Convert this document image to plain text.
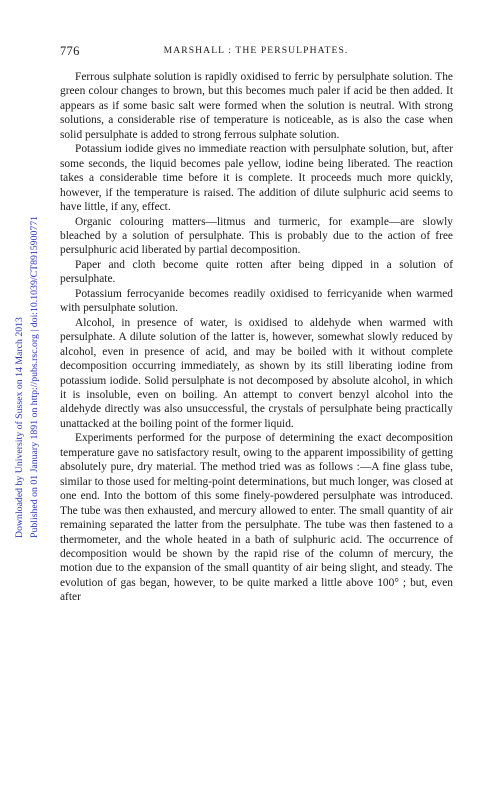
Downloaded by University of Sussex on 14 March 2013 Published on 01 January 1891 on http://pubs.rsc.org | doi:10.1039/CT8915900771
776	MARSHALL : THE PERSULPHATES.

Ferrous sulphate solution is rapidly oxidised to ferric by persulphate solution. The green colour changes to brown, but this becomes much paler if acid be then added. It appears as if some basic salt were formed when the solution is neutral. With strong solutions, a considerable rise of temperature is noticeable, as is also the case when solid persulphate is added to strong ferrous sulphate solution.

Potassium iodide gives no immediate reaction with persulphate solution, but, after some seconds, the liquid becomes pale yellow, iodine being liberated. The reaction takes a considerable time before it is complete. It proceeds much more quickly, however, if the temperature is raised. The addition of dilute sulphuric acid seems to have little, if any, effect.

Organic colouring matters—litmus and turmeric, for example—are slowly bleached by a solution of persulphate. This is probably due to the action of free persulphuric acid liberated by partial decomposition.

Paper and cloth become quite rotten after being dipped in a solution of persulphate.

Potassium ferrocyanide becomes readily oxidised to ferricyanide when warmed with persulphate solution.

Alcohol, in presence of water, is oxidised to aldehyde when warmed with persulphate. A dilute solution of the latter is, however, somewhat slowly reduced by alcohol, even in presence of acid, and may be boiled with it without complete decomposition occurring immediately, as shown by its still liberating iodine from potassium iodide. Solid persulphate is not decomposed by absolute alcohol, in which it is insoluble, even on boiling. An attempt to convert benzyl alcohol into the aldehyde directly was also unsuccessful, the crystals of persulphate being practically unattacked at the boiling point of the former liquid.

Experiments performed for the purpose of determining the exact decomposition temperature gave no satisfactory result, owing to the apparent impossibility of getting absolutely pure, dry material. The method tried was as follows :—A fine glass tube, similar to those used for melting-point determinations, but much longer, was closed at one end. Into the bottom of this some finely-powdered persulphate was introduced. The tube was then exhausted, and mercury allowed to enter. The small quantity of air remaining separated the latter from the persulphate. The tube was then fastened to a thermometer, and the whole heated in a bath of sulphuric acid. The occurrence of decomposition would be shown by the rapid rise of the column of mercury, the motion due to the expansion of the small quantity of air being slight, and steady. The evolution of gas began, however, to be quite marked a little above 100° ; but, even after
